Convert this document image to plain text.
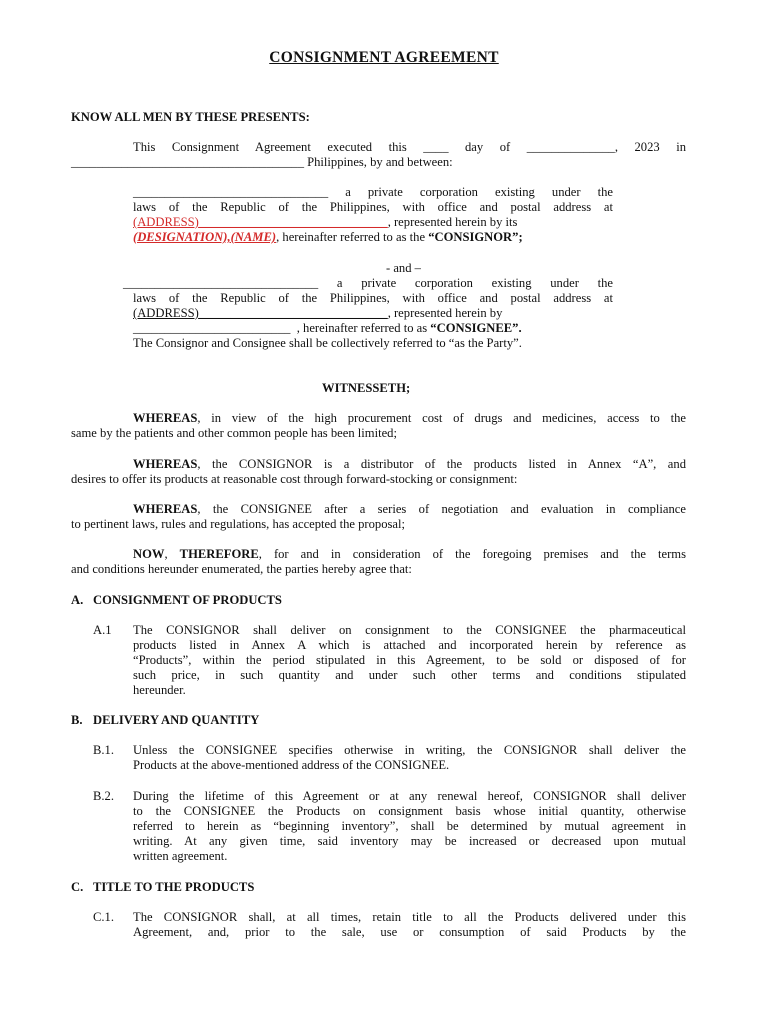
CONSIGNMENT AGREEMENT
KNOW ALL MEN BY THESE PRESENTS:
This Consignment Agreement executed this ____ day of ______________, 2023 in
_____________________________________ Philippines, by and between:
_______________________________ a private corporation existing under the
laws of the Republic of the Philippines, with office and postal address at
(ADDRESS)______________________________, represented herein by its
(DESIGNATION),(NAME), hereinafter referred to as the “CONSIGNOR”;
- and –
_______________________________ a private corporation existing under the
laws of the Republic of the Philippines, with office and postal address at
(ADDRESS)______________________________, represented herein by
_________________________ , hereinafter referred to as “CONSIGNEE”.
The Consignor and Consignee shall be collectively referred to “as the Party”.
WITNESSETH;
WHEREAS, in view of the high procurement cost of drugs and medicines, access to the
same by the patients and other common people has been limited;
WHEREAS, the CONSIGNOR is a distributor of the products listed in Annex “A”, and
desires to offer its products at reasonable cost through forward-stocking or consignment:
WHEREAS, the CONSIGNEE after a series of negotiation and evaluation in compliance
to pertinent laws, rules and regulations, has accepted the proposal;
NOW, THEREFORE, for and in consideration of the foregoing premises and the terms
and conditions hereunder enumerated, the parties hereby agree that:
A. CONSIGNMENT OF PRODUCTS
A.1 The CONSIGNOR shall deliver on consignment to the CONSIGNEE the pharmaceutical
products listed in Annex A which is attached and incorporated herein by reference as
“Products”, within the period stipulated in this Agreement, to be sold or disposed of for
such price, in such quantity and under such other terms and conditions stipulated
hereunder.
B. DELIVERY AND QUANTITY
B.1. Unless the CONSIGNEE specifies otherwise in writing, the CONSIGNOR shall deliver the
Products at the above-mentioned address of the CONSIGNEE.
B.2. During the lifetime of this Agreement or at any renewal hereof, CONSIGNOR shall deliver
to the CONSIGNEE the Products on consignment basis whose initial quantity, otherwise
referred to herein as “beginning inventory”, shall be determined by mutual agreement in
writing. At any given time, said inventory may be increased or decreased upon mutual
written agreement.
C. TITLE TO THE PRODUCTS
C.1. The CONSIGNOR shall, at all times, retain title to all the Products delivered under this
Agreement, and, prior to the sale, use or consumption of said Products by the
